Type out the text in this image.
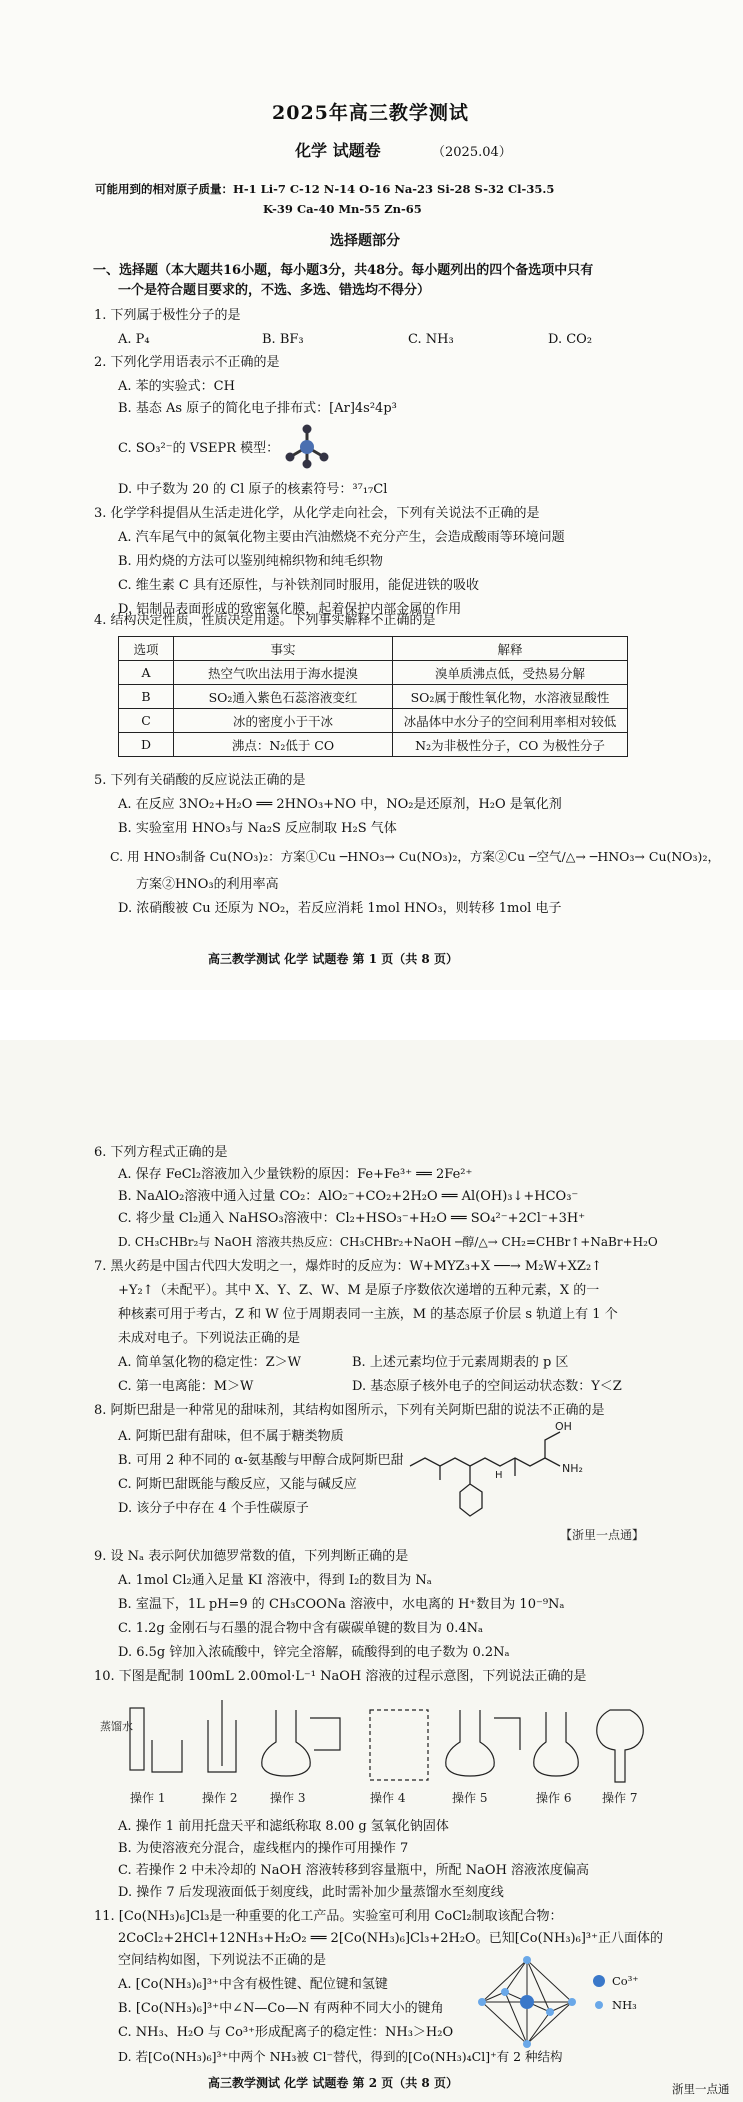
2025年高三教学测试
化学 试题卷	（2025.04）
可能用到的相对原子质量：H-1 Li-7 C-12 N-14 O-16 Na-23 Si-28 S-32 Cl-35.5
K-39 Ca-40 Mn-55 Zn-65
选择题部分
一、选择题（本大题共16小题，每小题3分，共48分。每小题列出的四个备选项中只有
一个是符合题目要求的，不选、多选、错选均不得分）
1. 下列属于极性分子的是
A. P₄	B. BF₃	C. NH₃	D. CO₂
2. 下列化学用语表示不正确的是
A. 苯的实验式：CH
B. 基态 As 原子的简化电子排布式：[Ar]4s²4p³
C. SO₃²⁻的 VSEPR 模型：
D. 中子数为 20 的 Cl 原子的核素符号：³⁷₁₇Cl
3. 化学学科提倡从生活走进化学，从化学走向社会，下列有关说法不正确的是
A. 汽车尾气中的氮氧化物主要由汽油燃烧不充分产生，会造成酸雨等环境问题
B. 用灼烧的方法可以鉴别纯棉织物和纯毛织物
C. 维生素 C 具有还原性，与补铁剂同时服用，能促进铁的吸收
D. 铝制品表面形成的致密氧化膜，起着保护内部金属的作用
4. 结构决定性质，性质决定用途。下列事实解释不正确的是
选项	事实	解释
A	热空气吹出法用于海水提溴	溴单质沸点低，受热易分解
B	SO₂通入紫色石蕊溶液变红	SO₂属于酸性氧化物，水溶液显酸性
C	冰的密度小于干冰	冰晶体中水分子的空间利用率相对较低
D	沸点：N₂低于 CO	N₂为非极性分子，CO 为极性分子
5. 下列有关硝酸的反应说法正确的是
A. 在反应 3NO₂+H₂O ══ 2HNO₃+NO 中，NO₂是还原剂，H₂O 是氧化剂
B. 实验室用 HNO₃与 Na₂S 反应制取 H₂S 气体
C. 用 HNO₃制备 Cu(NO₃)₂：方案①Cu ─HNO₃→ Cu(NO₃)₂，方案②Cu ─空气/△→ ─HNO₃→ Cu(NO₃)₂，
方案②HNO₃的利用率高
D. 浓硝酸被 Cu 还原为 NO₂，若反应消耗 1mol HNO₃，则转移 1mol 电子
高三教学测试 化学 试题卷 第 1 页（共 8 页）
6. 下列方程式正确的是
A. 保存 FeCl₂溶液加入少量铁粉的原因：Fe+Fe³⁺ ══ 2Fe²⁺
B. NaAlO₂溶液中通入过量 CO₂：AlO₂⁻+CO₂+2H₂O ══ Al(OH)₃↓+HCO₃⁻
C. 将少量 Cl₂通入 NaHSO₃溶液中：Cl₂+HSO₃⁻+H₂O ══ SO₄²⁻+2Cl⁻+3H⁺
D. CH₃CHBr₂与 NaOH 溶液共热反应：CH₃CHBr₂+NaOH ─醇/△→ CH₂=CHBr↑+NaBr+H₂O
7. 黑火药是中国古代四大发明之一，爆炸时的反应为：W+MYZ₃+X ──→ M₂W+XZ₂↑
+Y₂↑（未配平）。其中 X、Y、Z、W、M 是原子序数依次递增的五种元素，X 的一
种核素可用于考古，Z 和 W 位于周期表同一主族，M 的基态原子价层 s 轨道上有 1 个
未成对电子。下列说法正确的是
A. 简单氢化物的稳定性：Z＞W	B. 上述元素均位于元素周期表的 p 区
C. 第一电离能：M＞W	D. 基态原子核外电子的空间运动状态数：Y＜Z
8. 阿斯巴甜是一种常见的甜味剂，其结构如图所示，下列有关阿斯巴甜的说法不正确的是
A. 阿斯巴甜有甜味，但不属于糖类物质
B. 可用 2 种不同的 α-氨基酸与甲醇合成阿斯巴甜
C. 阿斯巴甜既能与酸反应，又能与碱反应
D. 该分子中存在 4 个手性碳原子
OH
NH₂
H
【浙里一点通】
9. 设 Nₐ 表示阿伏加德罗常数的值，下列判断正确的是
A. 1mol Cl₂通入足量 KI 溶液中，得到 I₂的数目为 Nₐ
B. 室温下，1L pH=9 的 CH₃COONa 溶液中，水电离的 H⁺数目为 10⁻⁹Nₐ
C. 1.2g 金刚石与石墨的混合物中含有碳碳单键的数目为 0.4Nₐ
D. 6.5g 锌加入浓硫酸中，锌完全溶解，硫酸得到的电子数为 0.2Nₐ
10. 下图是配制 100mL 2.00mol·L⁻¹ NaOH 溶液的过程示意图，下列说法正确的是
蒸馏水
操作 1	操作 2	操作 3	操作 4	操作 5	操作 6	操作 7
A. 操作 1 前用托盘天平和滤纸称取 8.00 g 氢氧化钠固体
B. 为使溶液充分混合，虚线框内的操作可用操作 7
C. 若操作 2 中未冷却的 NaOH 溶液转移到容量瓶中，所配 NaOH 溶液浓度偏高
D. 操作 7 后发现液面低于刻度线，此时需补加少量蒸馏水至刻度线
11. [Co(NH₃)₆]Cl₃是一种重要的化工产品。实验室可利用 CoCl₂制取该配合物：
2CoCl₂+2HCl+12NH₃+H₂O₂ ══ 2[Co(NH₃)₆]Cl₃+2H₂O。已知[Co(NH₃)₆]³⁺正八面体的
空间结构如图，下列说法不正确的是
A. [Co(NH₃)₆]³⁺中含有极性键、配位键和氢键
B. [Co(NH₃)₆]³⁺中∠N—Co—N 有两种不同大小的键角
C. NH₃、H₂O 与 Co³⁺形成配离子的稳定性：NH₃＞H₂O
D. 若[Co(NH₃)₆]³⁺中两个 NH₃被 Cl⁻替代，得到的[Co(NH₃)₄Cl]⁺有 2 种结构
Co³⁺
NH₃
高三教学测试 化学 试题卷 第 2 页（共 8 页）	浙里一点通
